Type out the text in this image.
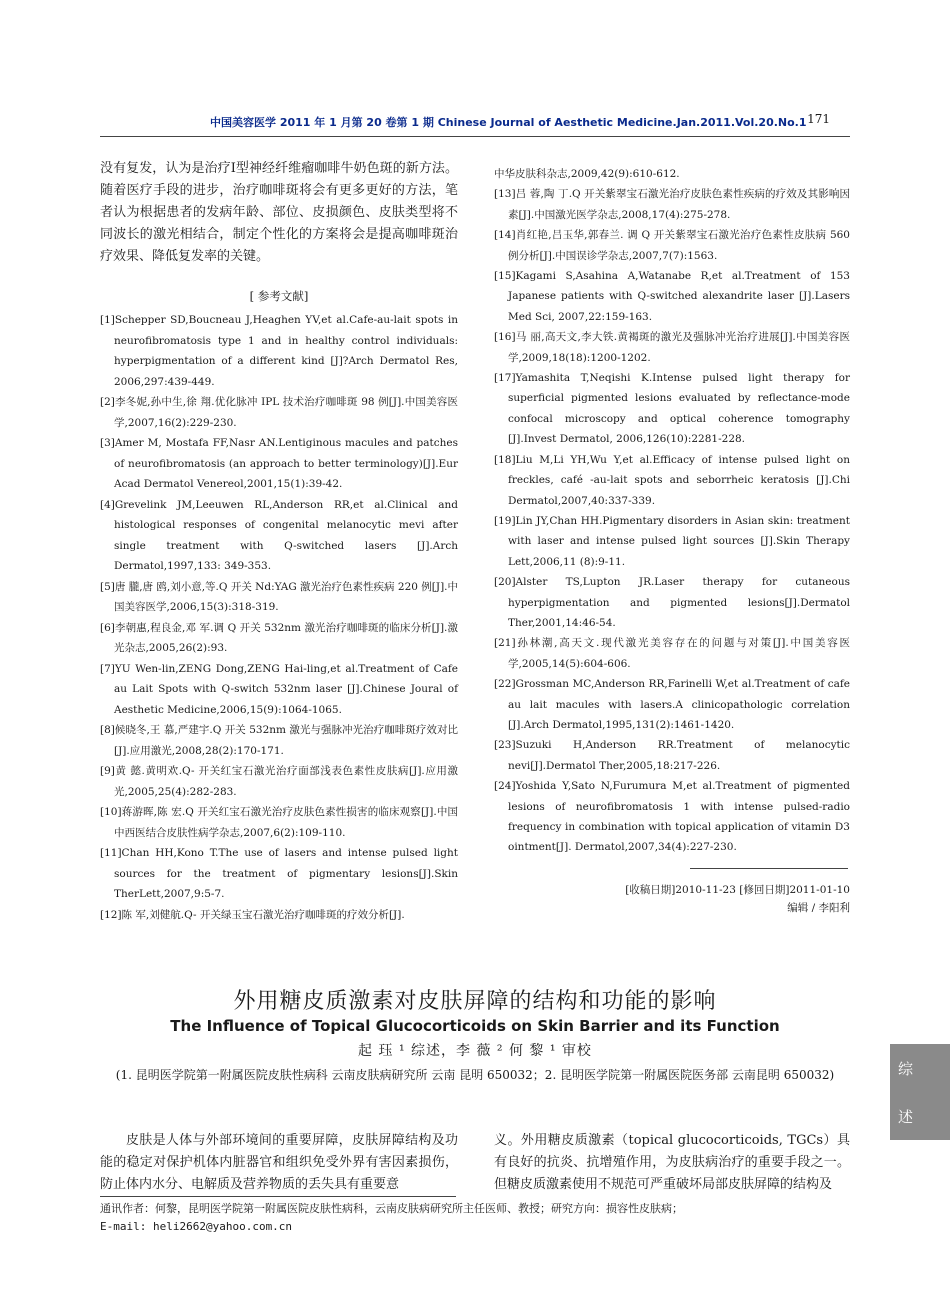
中国美容医学 2011 年 1 月第 20 卷第 1 期 Chinese Journal of Aesthetic Medicine.Jan.2011.Vol.20.No.1 171

没有复发，认为是治疗Ⅰ型神经纤维瘤咖啡牛奶色斑的新方法。随着医疗手段的进步，治疗咖啡斑将会有更多更好的方法，笔者认为根据患者的发病年龄、部位、皮损颜色、皮肤类型将不同波长的激光相结合，制定个性化的方案将会是提高咖啡斑治疗效果、降低复发率的关键。

[ 参考文献]

[1]Schepper SD,Boucneau J,Heaghen YV,et al.Cafe-au-lait spots in neurofibromatosis type 1 and in healthy control individuals: hyperpigmentation of a different kind [J]?Arch Dermatol Res, 2006,297:439-449.

[2]李冬妮,孙中生,徐 翔.优化脉冲 IPL 技术治疗咖啡斑 98 例[J].中国美容医学,2007,16(2):229-230.

[3]Amer M, Mostafa FF,Nasr AN.Lentiginous macules and patches of neurofibromatosis (an approach to better terminology)[J].Eur Acad Dermatol Venereol,2001,15(1):39-42.

[4]Grevelink JM,Leeuwen RL,Anderson RR,et al.Clinical and histological responses of congenital melanocytic mevi after single treatment with Q-switched lasers [J].Arch Dermatol,1997,133: 349-353.

[5]唐 朧,唐 鸥,刘小意,等.Q 开关 Nd:YAG 激光治疗色素性疾病 220 例[J].中国美容医学,2006,15(3):318-319.

[6]李朝惠,程良金,邓 军.调 Q 开关 532nm 激光治疗咖啡斑的临床分析[J].激光杂志,2005,26(2):93.

[7]YU Wen-lin,ZENG Dong,ZENG Hai-ling,et al.Treatment of Cafe au Lait Spots with Q-switch 532nm laser [J].Chinese Joural of Aesthetic Medicine,2006,15(9):1064-1065.

[8]候晓冬,王 慕,严建宇.Q 开关 532nm 激光与强脉冲光治疗咖啡斑疗效对比[J].应用激光,2008,28(2):170-171.

[9]黄 懿.黄明欢.Q- 开关红宝石激光治疗面部浅表色素性皮肤病[J].应用激光,2005,25(4):282-283.

[10]蒋游晖,陈 宏.Q 开关红宝石激光治疗皮肤色素性损害的临床观察[J].中国中西医结合皮肤性病学杂志,2007,6(2):109-110.

[11]Chan HH,Kono T.The use of lasers and intense pulsed light sources for the treatment of pigmentary lesions[J].Skin TherLett,2007,9:5-7.

[12]陈 军,刘健航.Q- 开关绿玉宝石激光治疗咖啡斑的疗效分析[J].

中华皮肤科杂志,2009,42(9):610-612.

[13]吕 蓉,陶 丁.Q 开关紫翠宝石激光治疗皮肤色素性疾病的疗效及其影响因素[J].中国激光医学杂志,2008,17(4):275-278.

[14]肖红艳,吕玉华,郭春兰. 调 Q 开关紫翠宝石激光治疗色素性皮肤病 560 例分析[J].中国误诊学杂志,2007,7(7):1563.

[15]Kagami S,Asahina A,Watanabe R,et al.Treatment of 153 Japanese patients with Q-switched alexandrite laser [J].Lasers Med Sci, 2007,22:159-163.

[16]马 丽,高天文,李大铁.黄褐斑的激光及强脉冲光治疗进展[J].中国美容医学,2009,18(18):1200-1202.

[17]Yamashita T,Neqishi K.Intense pulsed light therapy for superficial pigmented lesions evaluated by reflectance-mode confocal microscopy and optical coherence tomography [J].Invest Dermatol, 2006,126(10):2281-228.

[18]Liu M,Li YH,Wu Y,et al.Efficacy of intense pulsed light on freckles, café -au-lait spots and seborrheic keratosis [J].Chi Dermatol,2007,40:337-339.

[19]Lin JY,Chan HH.Pigmentary disorders in Asian skin: treatment with laser and intense pulsed light sources [J].Skin Therapy Lett,2006,11 (8):9-11.

[20]Alster TS,Lupton JR.Laser therapy for cutaneous hyperpigmentation and pigmented lesions[J].Dermatol Ther,2001,14:46-54.

[21]孙林潮,高天文.现代激光美容存在的问题与对策[J].中国美容医学,2005,14(5):604-606.

[22]Grossman MC,Anderson RR,Farinelli W,et al.Treatment of cafe au lait macules with lasers.A clinicopathologic correlation [J].Arch Dermatol,1995,131(2):1461-1420.

[23]Suzuki H,Anderson RR.Treatment of melanocytic nevi[J].Dermatol Ther,2005,18:217-226.

[24]Yoshida Y,Sato N,Furumura M,et al.Treatment of pigmented lesions of neurofibromatosis 1 with intense pulsed-radio frequency in combination with topical application of vitamin D3 ointment[J]. Dermatol,2007,34(4):227-230.

[收稿日期]2010-11-23 [修回日期]2011-01-10
编辑 / 李阳利
外用糖皮质激素对皮肤屏障的结构和功能的影响
The Influence of Topical Glucocorticoids on Skin Barrier and its Function
起 珏 ¹ 综述，李 薇 ² 何 黎 ¹ 审校
(1. 昆明医学院第一附属医院皮肤性病科 云南皮肤病研究所 云南 昆明 650032；2. 昆明医学院第一附属医院医务部 云南昆明 650032)	综
述

皮肤是人体与外部环境间的重要屏障，皮肤屏障结构及功能的稳定对保护机体内脏器官和组织免受外界有害因素损伤，防止体内水分、电解质及营养物质的丢失具有重要意

义。外用糖皮质激素（topical glucocorticoids, TGCs）具有良好的抗炎、抗增殖作用，为皮肤病治疗的重要手段之一。但糖皮质激素使用不规范可严重破坏局部皮肤屏障的结构及

通讯作者：何黎，昆明医学院第一附属医院皮肤性病科，云南皮肤病研究所主任医师、教授；研究方向：损容性皮肤病；
E-mail: heli2662@yahoo.com.cn
